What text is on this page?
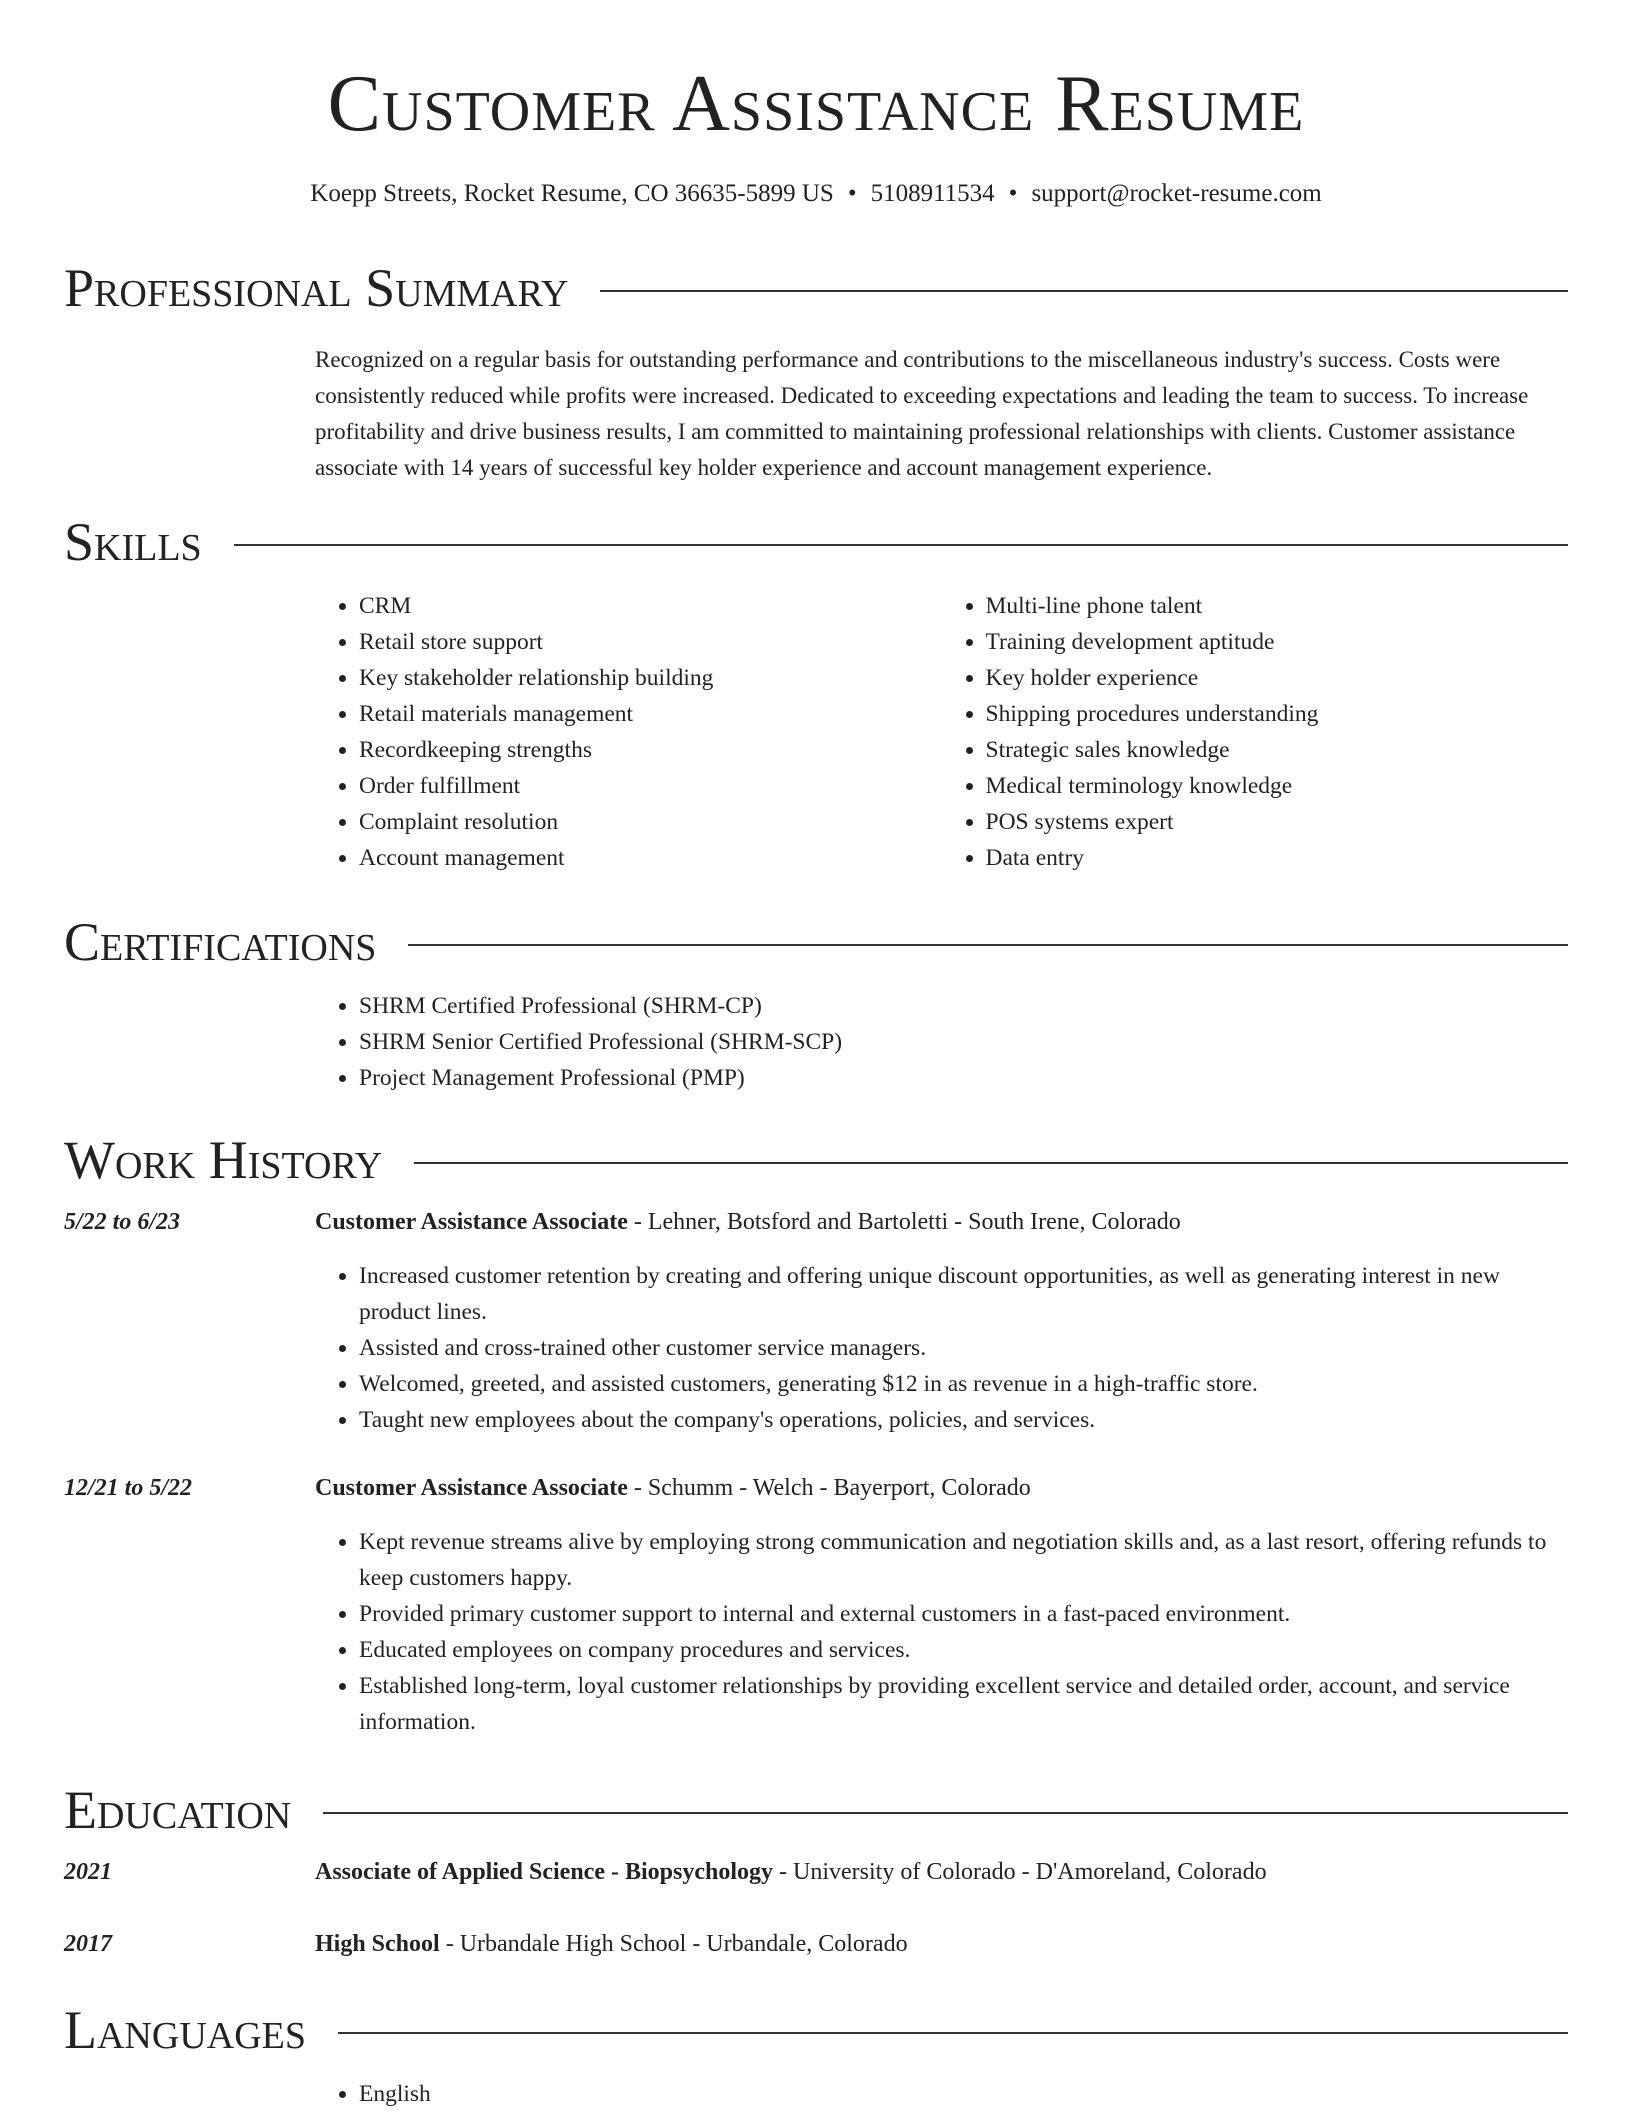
Customer Assistance Resume
Koepp Streets, Rocket Resume, CO 36635-5899 US • 5108911534 • support@rocket-resume.com
Professional Summary

Recognized on a regular basis for outstanding performance and contributions to the miscellaneous industry's success. Costs were consistently reduced while profits were increased. Dedicated to exceeding expectations and leading the team to success. To increase profitability and drive business results, I am committed to maintaining professional relationships with clients. Customer assistance associate with 14 years of successful key holder experience and account management experience.

Skills
• CRM
• Retail store support
• Key stakeholder relationship building
• Retail materials management
• Recordkeeping strengths
• Order fulfillment
• Complaint resolution
• Account management
• Multi-line phone talent
• Training development aptitude
• Key holder experience
• Shipping procedures understanding
• Strategic sales knowledge
• Medical terminology knowledge
• POS systems expert
• Data entry
Certifications
• SHRM Certified Professional (SHRM-CP)
• SHRM Senior Certified Professional (SHRM-SCP)
• Project Management Professional (PMP)
Work History
5/22 to 6/23	Customer Assistance Associate - Lehner, Botsford and Bartoletti - South Irene, Colorado
• Increased customer retention by creating and offering unique discount opportunities, as well as generating interest in new product lines.
• Assisted and cross-trained other customer service managers.
• Welcomed, greeted, and assisted customers, generating $12 in as revenue in a high-traffic store.
• Taught new employees about the company's operations, policies, and services.
12/21 to 5/22	Customer Assistance Associate - Schumm - Welch - Bayerport, Colorado
• Kept revenue streams alive by employing strong communication and negotiation skills and, as a last resort, offering refunds to keep customers happy.
• Provided primary customer support to internal and external customers in a fast-paced environment.
• Educated employees on company procedures and services.
• Established long-term, loyal customer relationships by providing excellent service and detailed order, account, and service information.
Education
2021	Associate of Applied Science - Biopsychology - University of Colorado - D'Amoreland, Colorado
2017	High School - Urbandale High School - Urbandale, Colorado
Languages
• English
